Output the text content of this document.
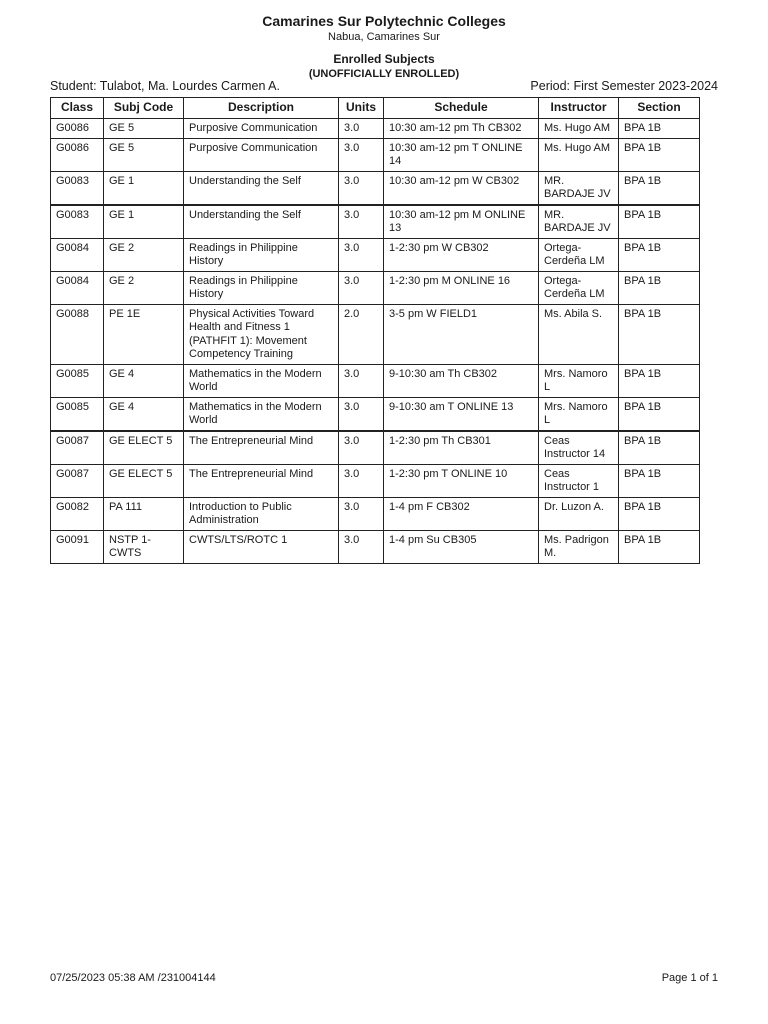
Camarines Sur Polytechnic Colleges
Nabua, Camarines Sur
Enrolled Subjects
(UNOFFICIALLY ENROLLED)
Student: Tulabot, Ma. Lourdes Carmen A.	Period: First Semester 2023-2024
Class	Subj Code	Description	Units	Schedule	Instructor	Section
G0086	GE 5	Purposive Communication	3.0	10:30 am-12 pm Th CB302	Ms. Hugo AM	BPA 1B
G0086	GE 5	Purposive Communication	3.0	10:30 am-12 pm T ONLINE 14	Ms. Hugo AM	BPA 1B
G0083	GE 1	Understanding the Self	3.0	10:30 am-12 pm W CB302	MR. BARDAJE JV	BPA 1B
G0083	GE 1	Understanding the Self	3.0	10:30 am-12 pm M ONLINE 13	MR. BARDAJE JV	BPA 1B
G0084	GE 2	Readings in Philippine History	3.0	1-2:30 pm W CB302	Ortega-Cerdeña LM	BPA 1B
G0084	GE 2	Readings in Philippine History	3.0	1-2:30 pm M ONLINE 16	Ortega-Cerdeña LM	BPA 1B
G0088	PE 1E	Physical Activities Toward Health and Fitness 1 (PATHFIT 1): Movement Competency Training	2.0	3-5 pm W FIELD1	Ms. Abila S.	BPA 1B
G0085	GE 4	Mathematics in the Modern World	3.0	9-10:30 am Th CB302	Mrs. Namoro L	BPA 1B
G0085	GE 4	Mathematics in the Modern World	3.0	9-10:30 am T ONLINE 13	Mrs. Namoro L	BPA 1B
G0087	GE ELECT 5	The Entrepreneurial Mind	3.0	1-2:30 pm Th CB301	Ceas Instructor 14	BPA 1B
G0087	GE ELECT 5	The Entrepreneurial Mind	3.0	1-2:30 pm T ONLINE 10	Ceas Instructor 1	BPA 1B
G0082	PA 111	Introduction to Public Administration	3.0	1-4 pm F CB302	Dr. Luzon A.	BPA 1B
G0091	NSTP 1-CWTS	CWTS/LTS/ROTC 1	3.0	1-4 pm Su CB305	Ms. Padrigon M.	BPA 1B
07/25/2023 05:38 AM /231004144	Page 1 of 1
